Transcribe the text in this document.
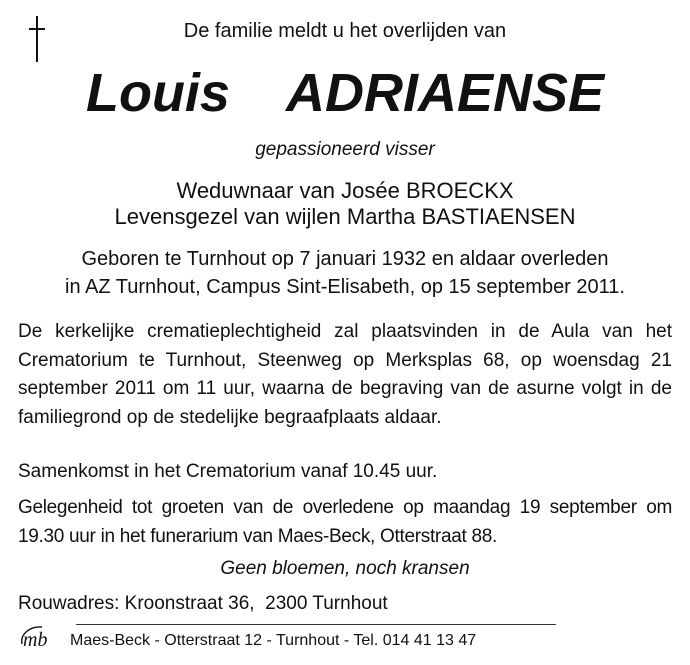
De familie meldt u het overlijden van
Louis  ADRIAENSE
gepassioneerd visser
Weduwnaar van Josée BROECKX
Levensgezel van wijlen Martha BASTIAENSEN
Geboren te Turnhout op 7 januari 1932 en aldaar overleden
in AZ Turnhout, Campus Sint-Elisabeth, op 15 september 2011.
De kerkelijke crematieplechtigheid zal plaatsvinden in de Aula van het Crematorium te Turnhout, Steenweg op Merksplas 68, op woensdag 21 september 2011 om 11 uur, waarna de begraving van de asurne volgt in de familiegrond op de stedelijke begraafplaats aldaar.
Samenkomst in het Crematorium vanaf 10.45 uur.
Gelegenheid tot groeten van de overledene op maandag 19 september om 19.30 uur in het funerarium van Maes-Beck, Otterstraat 88.
Geen bloemen, noch kransen
Rouwadres: Kroonstraat 36,  2300 Turnhout
mb Maes-Beck - Otterstraat 12 - Turnhout - Tel. 014 41 13 47
